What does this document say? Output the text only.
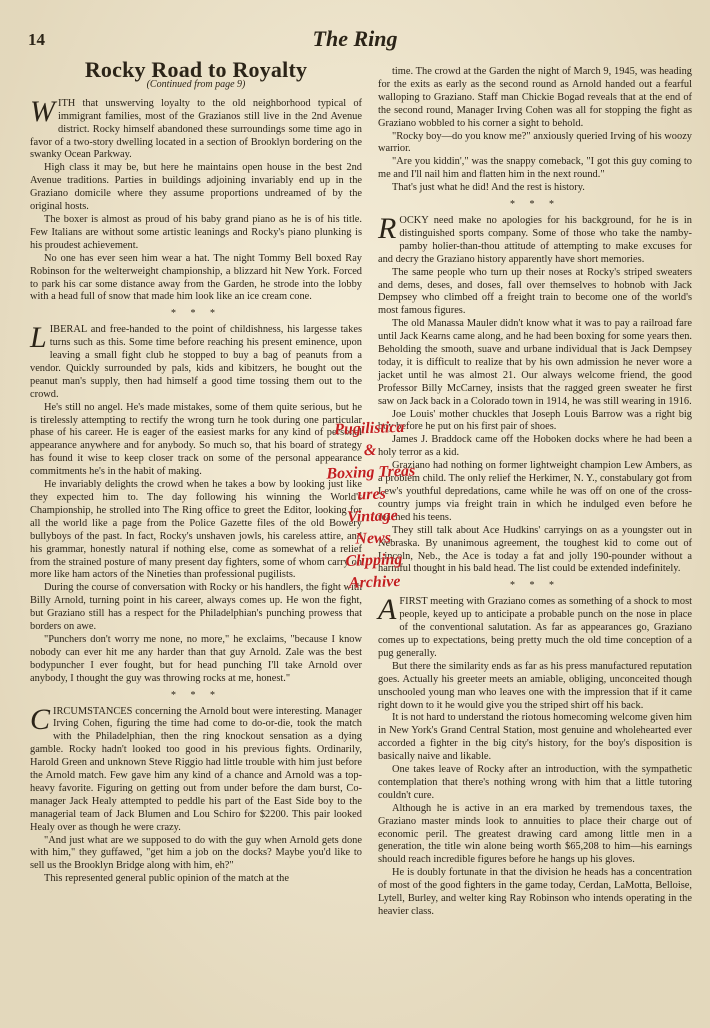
14	The Ring
Rocky Road to Royalty
(Continued from page 9)

WITH that unswerving loyalty to the old neighborhood typical of immigrant families, most of the Grazianos still live in the 2nd Avenue district. Rocky himself abandoned these surroundings some time ago in favor of a two-story dwelling located in a section of Brooklyn bordering on the swanky Ocean Parkway.

High class it may be, but here he maintains open house in the best 2nd Avenue traditions. Parties in buildings adjoining invariably end up in the Graziano domicile where they assume proportions undreamed of by the original hosts.

The boxer is almost as proud of his baby grand piano as he is of his title. Few Italians are without some artistic leanings and Rocky's piano plunking is his proudest achievement.

No one has ever seen him wear a hat. The night Tommy Bell boxed Ray Robinson for the welterweight championship, a blizzard hit New York. Forced to park his car some distance away from the Garden, he strode into the lobby with a head full of snow that made him look like an ice cream cone.

* * *

LIBERAL and free-handed to the point of childishness, his largesse takes turns such as this. Some time before reaching his present eminence, upon leaving a small fight club he stopped to buy a bag of peanuts from a vendor. Quickly surrounded by pals, kids and kibitzers, he bought out the peanut man's supply, then had himself a good time tossing them out to the crowd.

He's still no angel. He's made mistakes, some of them quite serious, but he is tirelessly attempting to rectify the wrong turn he took during one particular phase of his career. He is eager of the easiest marks for any kind of personal appearance anywhere and for anybody. So much so, that his board of strategy has found it wise to keep closer track on some of the personal appearance commitments he's in the habit of making.

He invariably delights the crowd when he takes a bow by looking just like they expected him to. The day following his winning the World's Championship, he strolled into The Ring office to greet the Editor, looking for all the world like a page from the Police Gazette files of the old Bowery bullyboys of the past. In fact, Rocky's unshaven jowls, his careless attire, and his grammar, honestly natural if nothing else, come as somewhat of a relief from the strained posture of many present day fighters, some of whom carry on more like ham actors of the Nineties than professional pugilists.

During the course of conversation with Rocky or his handlers, the fight with Billy Arnold, turning point in his career, always comes up. He won the fight, but Graziano still has a respect for the Philadelphian's punching prowess that borders on awe.

"Punchers don't worry me none, no more," he exclaims, "because I know nobody can ever hit me any harder than that guy Arnold. Zale was the best bodypuncher I ever fought, but for head punching I'll take Arnold over anybody, I thought the guy was throwing rocks at me, honest."

* * *

CIRCUMSTANCES concerning the Arnold bout were interesting. Manager Irving Cohen, figuring the time had come to do-or-die, took the match with the Philadelphian, then the ring knockout sensation as a dying gamble. Rocky hadn't looked too good in his previous fights. Ordinarily, Harold Green and unknown Steve Riggio had little trouble with him just before the Arnold match. Few gave him any kind of a chance and Arnold was a top-heavy favorite. Figuring on getting out from under before the dam burst, Co-manager Jack Healy attempted to peddle his part of the East Side boy to the managerial team of Jack Blumen and Lou Schiro for $2200. This pair looked Healy over as though he were crazy.

"And just what are we supposed to do with the guy when Arnold gets done with him," they guffawed, "get him a job on the docks? Maybe you'd like to sell us the Brooklyn Bridge along with him, eh?"

This represented general public opinion of the match at the

time. The crowd at the Garden the night of March 9, 1945, was heading for the exits as early as the second round as Arnold handed out a fearful walloping to Graziano. Staff man Chickie Bogad reveals that at the end of the second round, Manager Irving Cohen was all for stopping the fight as Graziano wobbled to his corner a sight to behold.

"Rocky boy—do you know me?" anxiously queried Irving of his woozy warrior.

"Are you kiddin'," was the snappy comeback, "I got this guy coming to me and I'll nail him and flatten him in the next round."

That's just what he did! And the rest is history.

* * *

ROCKY need make no apologies for his background, for he is in distinguished sports company. Some of those who take the namby-pamby holier-than-thou attitude of attempting to make excuses for and decry the Graziano history apparently have short memories.

The same people who turn up their noses at Rocky's striped sweaters and dems, deses, and doses, fall over themselves to hobnob with Jack Dempsey who climbed off a freight train to become one of the world's most famous figures.

The old Manassa Mauler didn't know what it was to pay a railroad fare until Jack Kearns came along, and he had been boxing for some years then. Beholding the smooth, suave and urbane individual that is Jack Dempsey today, it is difficult to realize that by his own admission he never wore a jacket until he was almost 21. Our always welcome friend, the good Professor Billy McCarney, insists that the ragged green sweater he first saw on Jack back in a Colorado town in 1914, he was still wearing in 1916.

Joe Louis' mother chuckles that Joseph Louis Barrow was a right big boy before he put on his first pair of shoes.

James J. Braddock came off the Hoboken docks where he had been a holy terror as a kid.

Graziano had nothing on former lightweight champion Lew Ambers, as a problem child. The only relief the Herkimer, N. Y., constabulary got from Lew's youthful depredations, came while he was off on one of the cross-country jumps via freight train in which he indulged even before he reached his teens.

They still talk about Ace Hudkins' carryings on as a youngster out in Nebraska. By unanimous agreement, the toughest kid to come out of Lincoln, Neb., the Ace is today a fat and jolly 190-pounder without a harmful thought in his bald head. The list could be extended indefinitely.

* * *

A FIRST meeting with Graziano comes as something of a shock to most people, keyed up to anticipate a probable punch on the nose in place of the conventional salutation. As far as appearances go, Graziano comes up to expectations, being pretty much the old time conception of a pug generally.

But there the similarity ends as far as his press manufactured reputation goes. Actually his greeter meets an amiable, obliging, unconceited though unschooled young man who leaves one with the impression that if it came right down to it he would give you the striped shirt off his back.

It is not hard to understand the riotous homecoming welcome given him in New York's Grand Central Station, most genuine and wholehearted ever accorded a fighter in the big city's history, for the boy's disposition is basically naive and likable.

One takes leave of Rocky after an introduction, with the sympathetic contemplation that there's nothing wrong with him that a little tutoring couldn't cure.

Although he is active in an era marked by tremendous taxes, the Graziano master minds look to annuities to place their charge out of economic peril. The greatest drawing card among little men in a generation, the title win alone being worth $65,208 to him—his earnings should reach incredible figures before he hangs up his gloves.

He is doubly fortunate in that the division he heads has a concentration of most of the good fighters in the game today, Cerdan, LaMotta, Belloise, Lytell, Burley, and welter king Ray Robinson who intends operating in the heavier class.

Pugilistica
&
Boxing Treas
ures
Vintage
News
Clipping
Archive
